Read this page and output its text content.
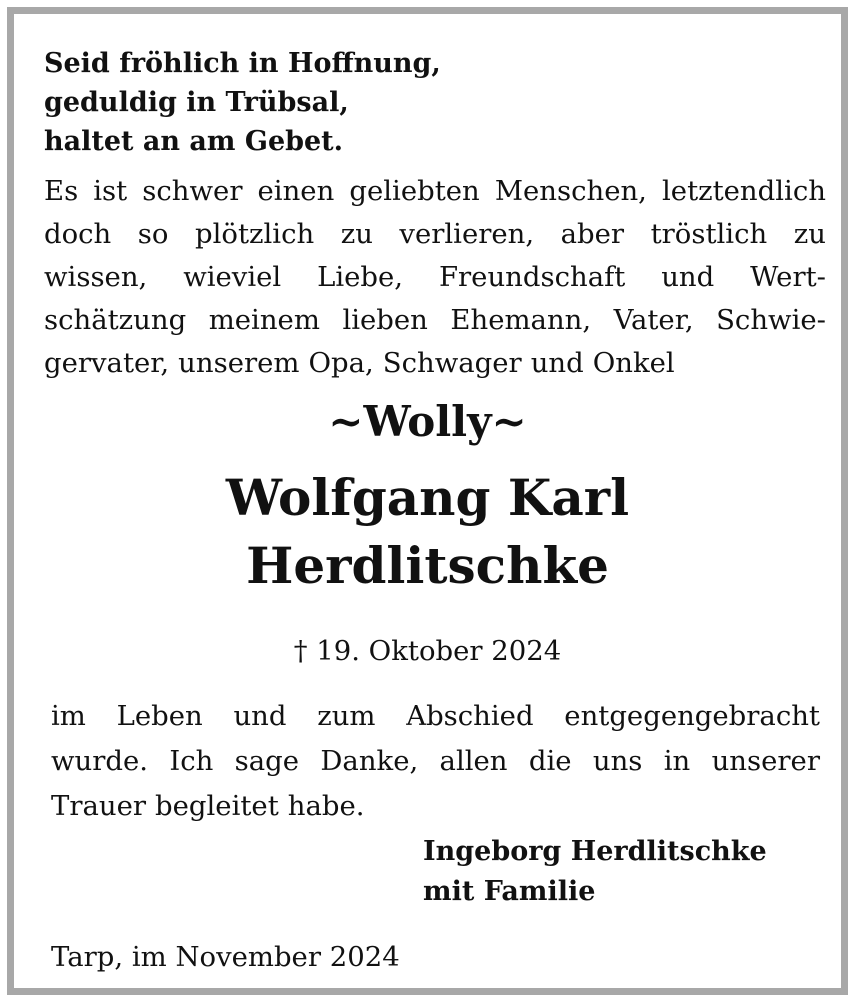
Seid fröhlich in Hoffnung,
geduldig in Trübsal,
haltet an am Gebet.
Es ist schwer einen geliebten Menschen, letztendlich
doch so plötzlich zu verlieren, aber tröstlich zu
wissen, wieviel Liebe, Freundschaft und Wert-
schätzung meinem lieben Ehemann, Vater, Schwie-
gervater, unserem Opa, Schwager und Onkel
~Wolly~
Wolfgang Karl
Herdlitschke
† 19. Oktober 2024
im Leben und zum Abschied entgegengebracht
wurde. Ich sage Danke, allen die uns in unserer
Trauer begleitet habe.
Ingeborg Herdlitschke
mit Familie
Tarp, im November 2024
